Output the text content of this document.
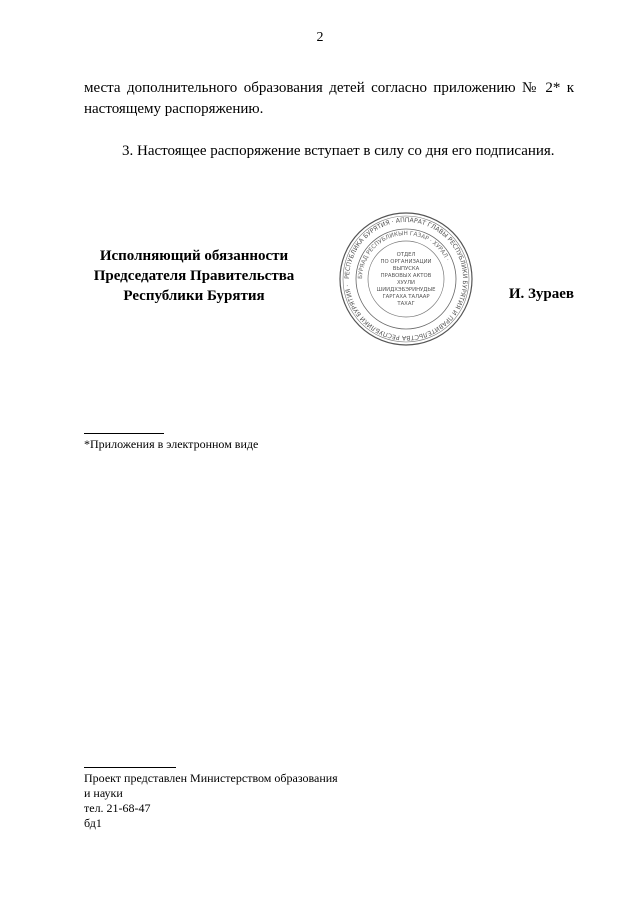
2
места дополнительного образования детей согласно приложению № 2* к
настоящему распоряжению.
3. Настоящее распоряжение вступает в силу со дня его подписания.
Исполняющий обязанности
Председателя Правительства
Республики Бурятия
РЕСПУБЛИКА БУРЯТИЯ · АППАРАТ ГЛАВЫ РЕСПУБЛИКИ БУРЯТИЯ И ПРАВИТЕЛЬСТВА РЕСПУБЛИКИ БУРЯТИЯ ·
БУРЯАД РЕСПУБЛИКЫН ГАЗАР · ХУРАЛ ·
ОТДЕЛ
ПО ОРГАНИЗАЦИИ
ВЫПУСКА
ПРАВОВЫХ АКТОВ
ХУУЛИ
ШИИДХЭБЭРИНУДЫЕ
ГАРГАХА ТАЛААР
ТАХАГ
И. Зураев
*Приложения в электронном виде
Проект представлен Министерством образования
и науки
тел. 21-68-47
бд1
